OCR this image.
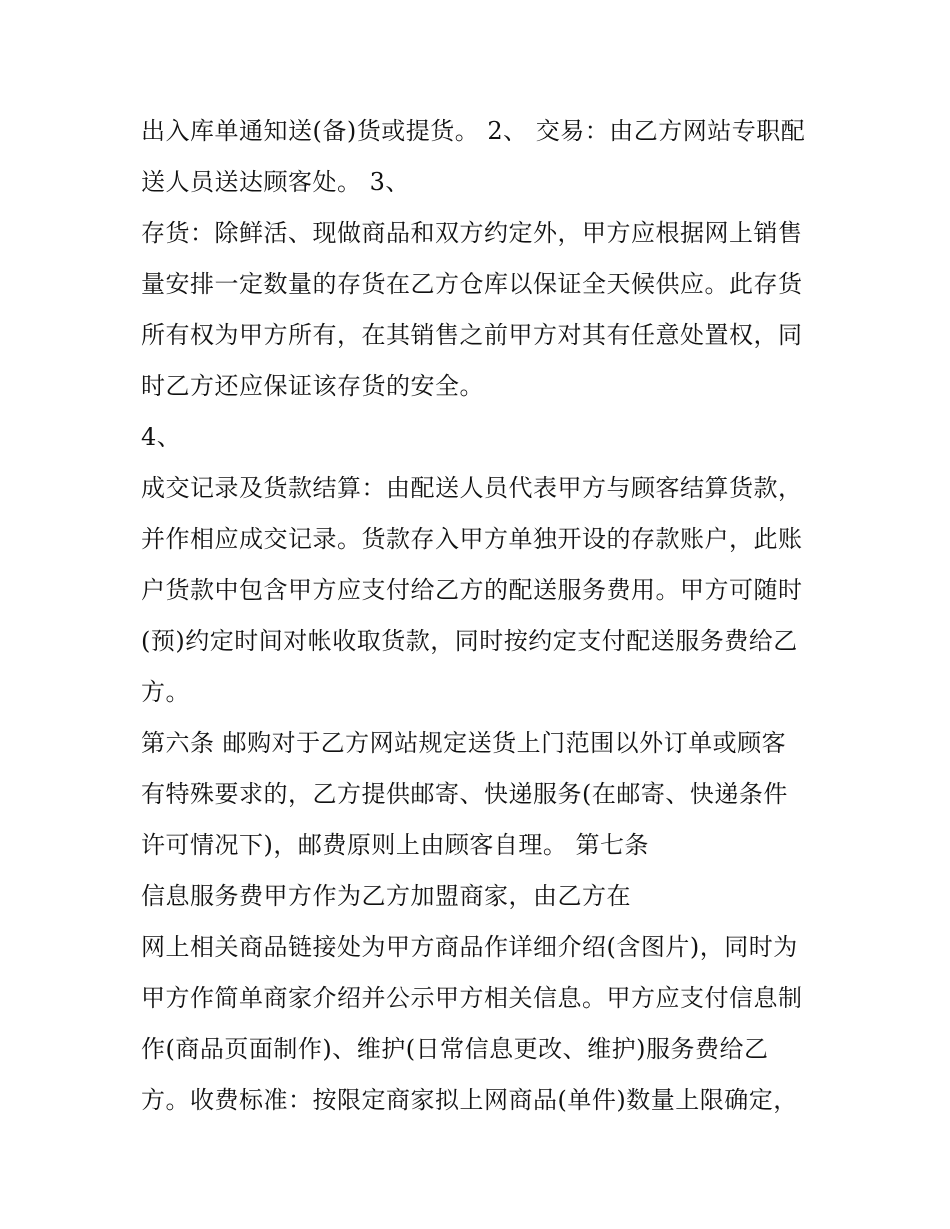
出入库单通知送(备)货或提货。 2、 交易：由乙方网站专职配
送人员送达顾客处。 3、
存货：除鲜活、现做商品和双方约定外，甲方应根据网上销售
量安排一定数量的存货在乙方仓库以保证全天候供应。此存货
所有权为甲方所有，在其销售之前甲方对其有任意处置权，同
时乙方还应保证该存货的安全。
4、
成交记录及货款结算：由配送人员代表甲方与顾客结算货款，
并作相应成交记录。货款存入甲方单独开设的存款账户，此账
户货款中包含甲方应支付给乙方的配送服务费用。甲方可随时
(预)约定时间对帐收取货款，同时按约定支付配送服务费给乙
方。
第六条 邮购对于乙方网站规定送货上门范围以外订单或顾客
有特殊要求的，乙方提供邮寄、快递服务(在邮寄、快递条件
许可情况下)，邮费原则上由顾客自理。 第七条
信息服务费甲方作为乙方加盟商家，由乙方在
网上相关商品链接处为甲方商品作详细介绍(含图片)，同时为
甲方作简单商家介绍并公示甲方相关信息。甲方应支付信息制
作(商品页面制作)、维护(日常信息更改、维护)服务费给乙
方。收费标准：按限定商家拟上网商品(单件)数量上限确定，
